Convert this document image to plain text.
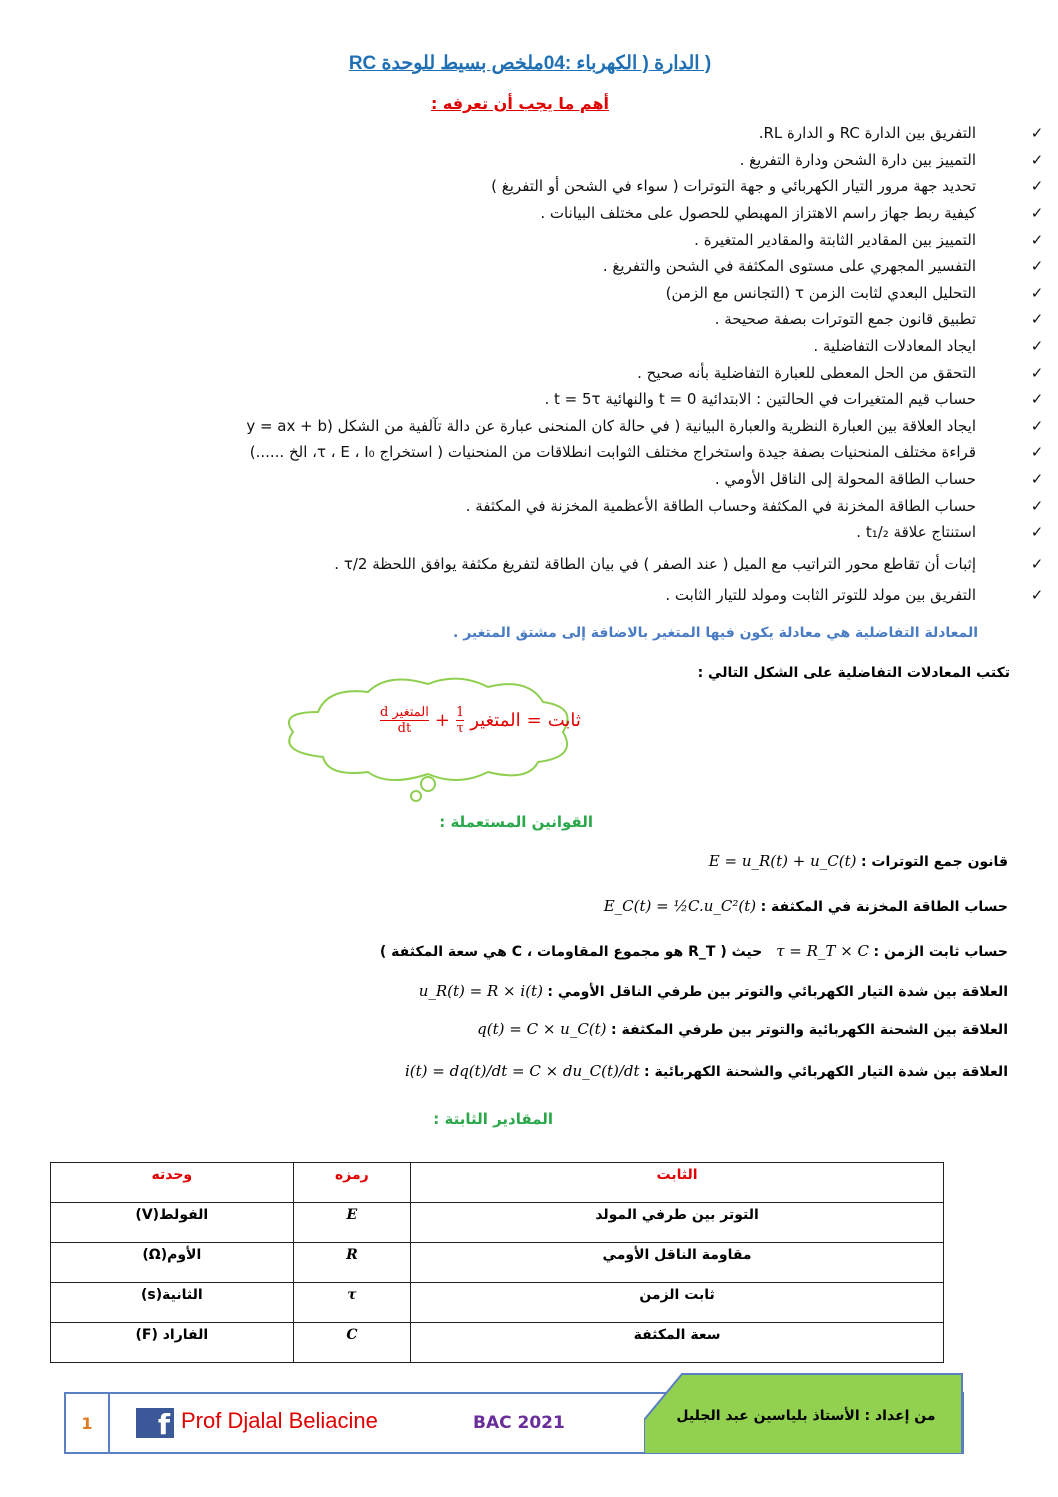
( الدارة ( الكهرباء :04ملخص بسيط للوحدة RC
أهم ما يجب أن تعرفه :
✓
التفريق بين الدارة RC و الدارة RL.
✓
التمييز بين دارة الشحن ودارة التفريغ .
✓
تحديد جهة مرور التيار الكهربائي و جهة التوترات ( سواء في الشحن أو التفريغ )
✓
كيفية ربط جهاز راسم الاهتزاز المهبطي للحصول على مختلف البيانات .
✓
التمييز بين المقادير الثابتة والمقادير المتغيرة .
✓
التفسير المجهري على مستوى المكثفة في الشحن والتفريغ .
✓
التحليل البعدي لثابت الزمن τ (التجانس مع الزمن)
✓
تطبيق قانون جمع التوترات بصفة صحيحة .
✓
ايجاد المعادلات التفاضلية .
✓
التحقق من الحل المعطى للعبارة التفاضلية بأنه صحيح .
✓
حساب قيم المتغيرات في الحالتين : الابتدائية t = 0 والنهائية t = 5τ .
✓
ايجاد العلاقة بين العبارة النظرية والعبارة البيانية ( في حالة كان المنحنى عبارة عن دالة تآلفية من الشكل (y = ax + b
✓
قراءة مختلف المنحنيات بصفة جيدة واستخراج مختلف الثوابت انطلاقات من المنحنيات ( استخراج τ ، E ، I₀، الخ ......)
✓
حساب الطاقة المحولة إلى الناقل الأومي .
✓
حساب الطاقة المخزنة في المكثفة وحساب الطاقة الأعظمية المخزنة في المكثفة .
✓
استنتاج علاقة t₁/₂ .
✓
إثبات أن تقاطع محور التراتيب مع الميل ( عند الصفر ) في بيان الطاقة لتفريغ مكثفة يوافق اللحظة τ/2 .
✓
التفريق بين مولد للتوتر الثابت ومولد للتيار الثابت .
المعادلة التفاضلية هي معادلة يكون فيها المتغير بالاضافة إلى مشتق المتغير .
تكتب المعادلات التفاضلية على الشكل التالي :
$\frac{\text{d المتغير}}{dt} + \frac{1}{\tau}$ المتغير = ثابت
القوانين المستعملة :
قانون جمع التوترات : E = u_R(t) + u_C(t)
حساب الطاقة المخزنة في المكثفة : E_C(t) = ½C.u_C²(t)
حساب ثابت الزمن : τ = R_T × Cحيث ( R_T هو مجموع المقاومات ، C هي سعة المكثفة )
العلاقة بين شدة التيار الكهربائي والتوتر بين طرفي الناقل الأومي : u_R(t) = R × i(t)
العلاقة بين الشحنة الكهربائية والتوتر بين طرفي المكثفة : q(t) = C × u_C(t)
العلاقة بين شدة التيار الكهربائي والشحنة الكهربائية : i(t) = dq(t)/dt = C × du_C(t)/dt
المقادير الثابتة :
الثابت	رمزه	وحدته
التوتر بين طرفي المولد	E	الفولط(V)
مقاومة الناقل الأومي	R	الأوم(Ω)
ثابت الزمن	τ	الثانية(s)
سعة المكثفة	C	الفاراد (F)
1	f Prof Djalal Beliacine	BAC 2021	من إعداد : الأستاذ بلياسين عبد الجليل
